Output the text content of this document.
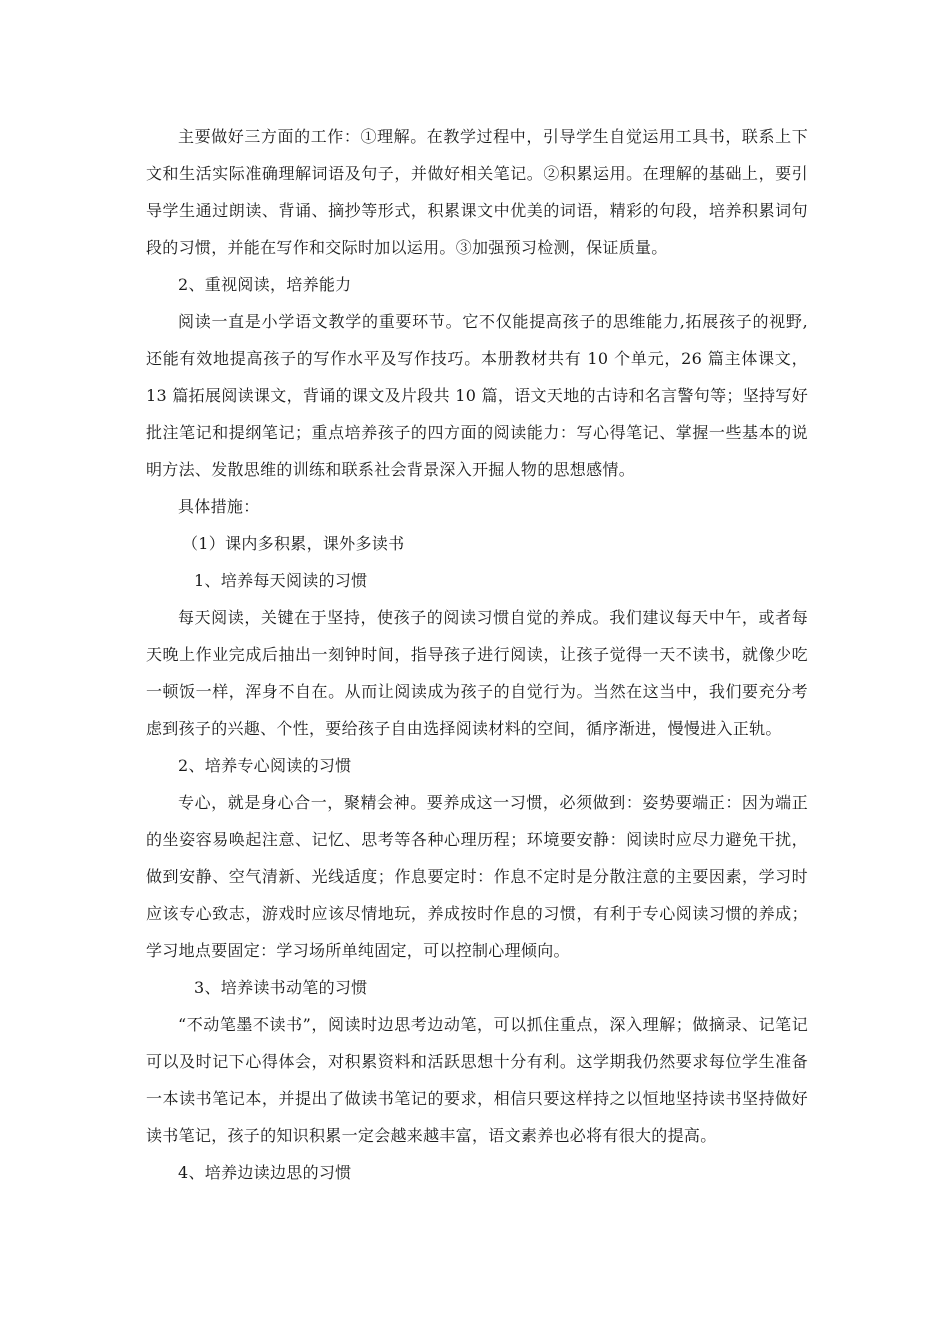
主要做好三方面的工作：①理解。在教学过程中，引导学生自觉运用工具书，联系上下文和生活实际准确理解词语及句子，并做好相关笔记。②积累运用。在理解的基础上，要引导学生通过朗读、背诵、摘抄等形式，积累课文中优美的词语，精彩的句段，培养积累词句段的习惯，并能在写作和交际时加以运用。③加强预习检测，保证质量。

2、重视阅读，培养能力

阅读一直是小学语文教学的重要环节。它不仅能提高孩子的思维能力,拓展孩子的视野,还能有效地提高孩子的写作水平及写作技巧。本册教材共有 10 个单元，26 篇主体课文，13 篇拓展阅读课文，背诵的课文及片段共 10 篇，语文天地的古诗和名言警句等；坚持写好批注笔记和提纲笔记；重点培养孩子的四方面的阅读能力：写心得笔记、掌握一些基本的说明方法、发散思维的训练和联系社会背景深入开掘人物的思想感情。

具体措施：

（1）课内多积累，课外多读书

1、培养每天阅读的习惯

每天阅读，关键在于坚持，使孩子的阅读习惯自觉的养成。我们建议每天中午，或者每天晚上作业完成后抽出一刻钟时间，指导孩子进行阅读，让孩子觉得一天不读书，就像少吃一顿饭一样，浑身不自在。从而让阅读成为孩子的自觉行为。当然在这当中，我们要充分考虑到孩子的兴趣、个性，要给孩子自由选择阅读材料的空间，循序渐进，慢慢进入正轨。

2、培养专心阅读的习惯

专心，就是身心合一，聚精会神。要养成这一习惯，必须做到：姿势要端正：因为端正的坐姿容易唤起注意、记忆、思考等各种心理历程；环境要安静：阅读时应尽力避免干扰，做到安静、空气清新、光线适度；作息要定时：作息不定时是分散注意的主要因素，学习时应该专心致志，游戏时应该尽情地玩，养成按时作息的习惯，有利于专心阅读习惯的养成；学习地点要固定：学习场所单纯固定，可以控制心理倾向。

3、培养读书动笔的习惯

“不动笔墨不读书”，阅读时边思考边动笔，可以抓住重点，深入理解；做摘录、记笔记可以及时记下心得体会，对积累资料和活跃思想十分有利。这学期我仍然要求每位学生准备一本读书笔记本，并提出了做读书笔记的要求，相信只要这样持之以恒地坚持读书坚持做好读书笔记，孩子的知识积累一定会越来越丰富，语文素养也必将有很大的提高。

4、培养边读边思的习惯
